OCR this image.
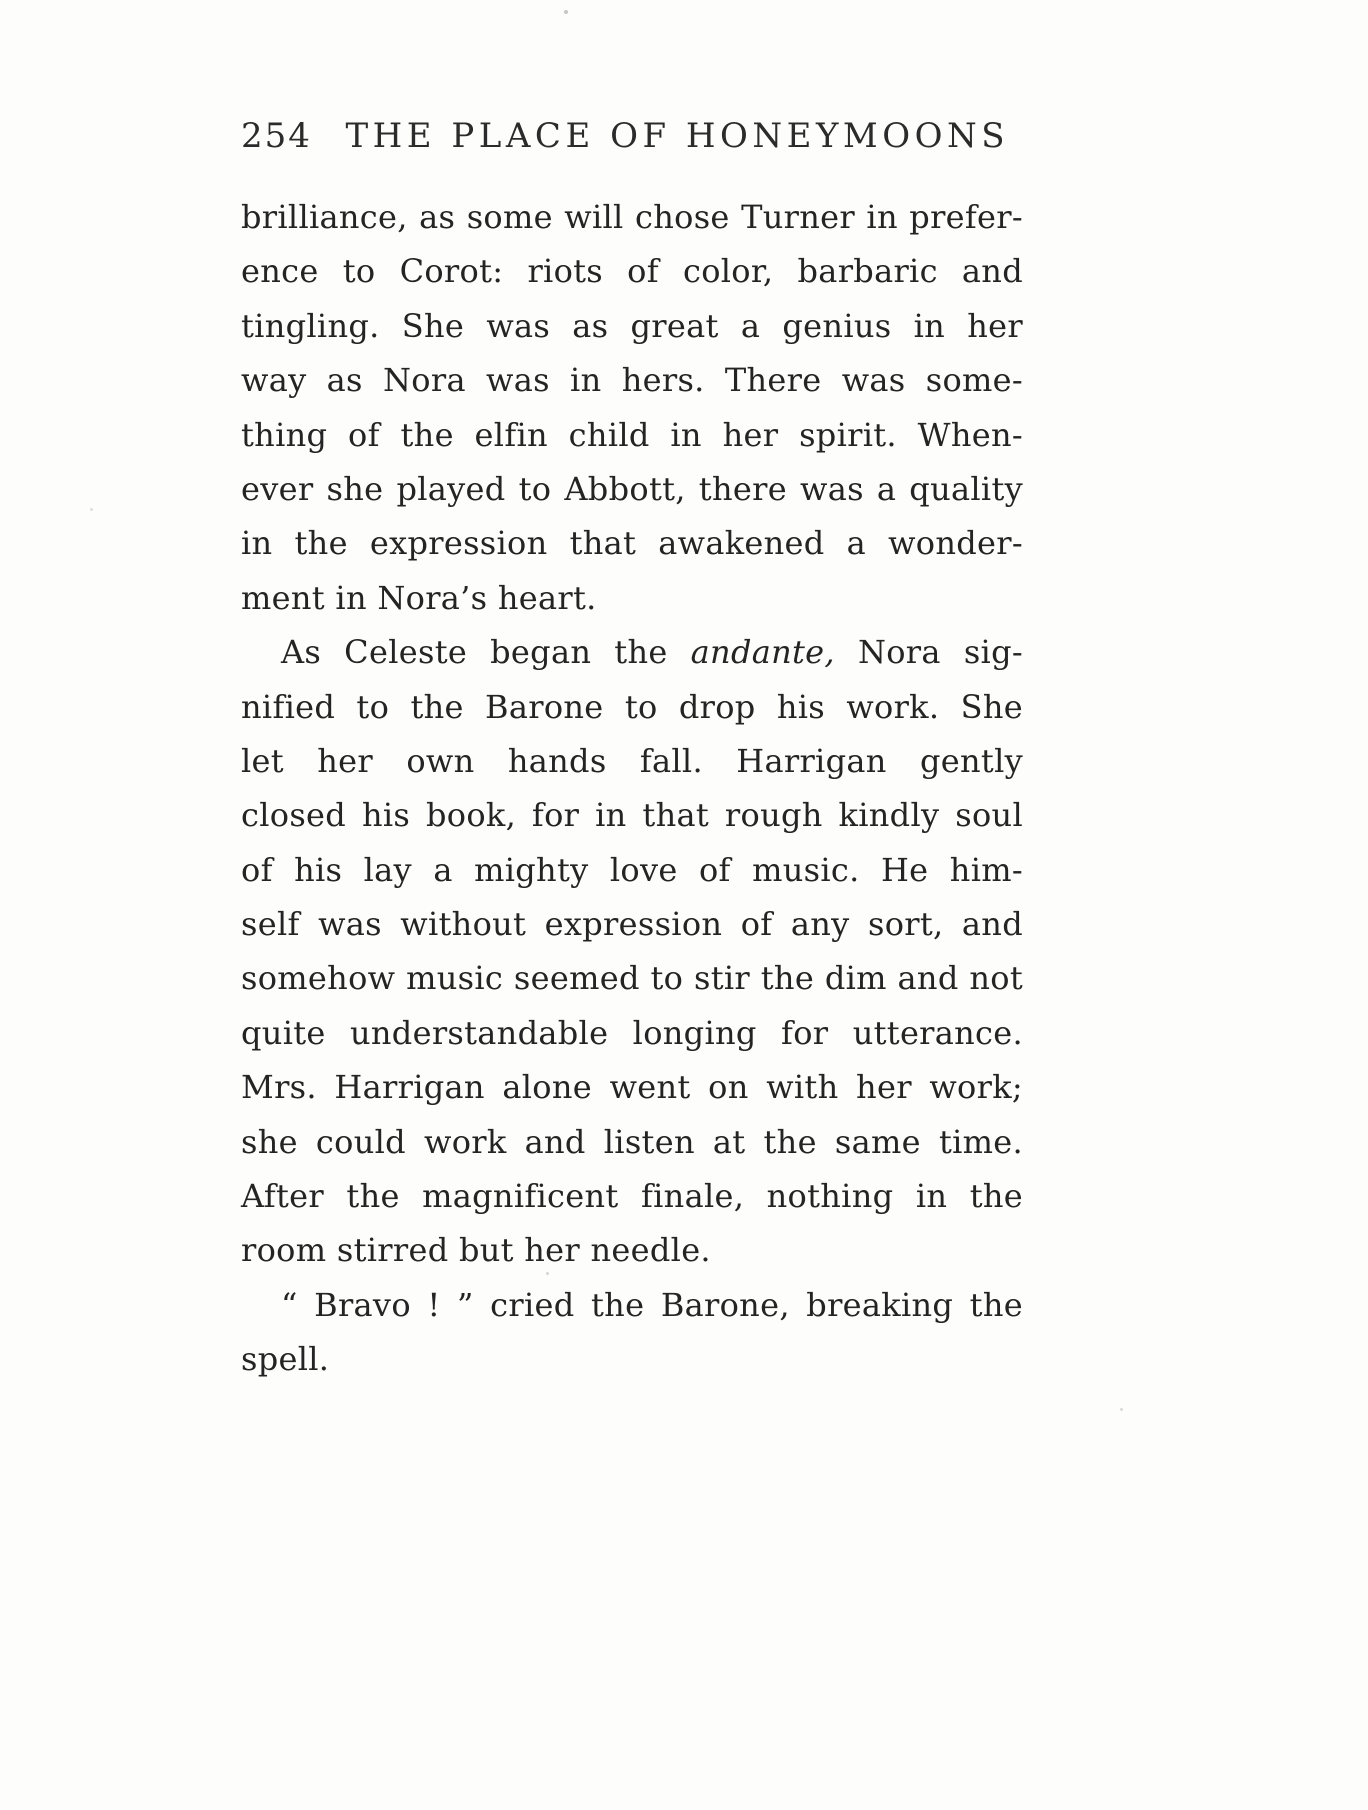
254 THE PLACE OF HONEYMOONS
brilliance, as some will chose Turner in prefer-
ence to Corot: riots of color, barbaric and
tingling. She was as great a genius in her
way as Nora was in hers. There was some-
thing of the elfin child in her spirit. When-
ever she played to Abbott, there was a quality
in the expression that awakened a wonder-
ment in Nora’s heart.
As Celeste began the andante, Nora sig-
nified to the Barone to drop his work. She
let her own hands fall. Harrigan gently
closed his book, for in that rough kindly soul
of his lay a mighty love of music. He him-
self was without expression of any sort, and
somehow music seemed to stir the dim and not
quite understandable longing for utterance.
Mrs. Harrigan alone went on with her work;
she could work and listen at the same time.
After the magnificent finale, nothing in the
room stirred but her needle.
“ Bravo ! ” cried the Barone, breaking the
spell.
